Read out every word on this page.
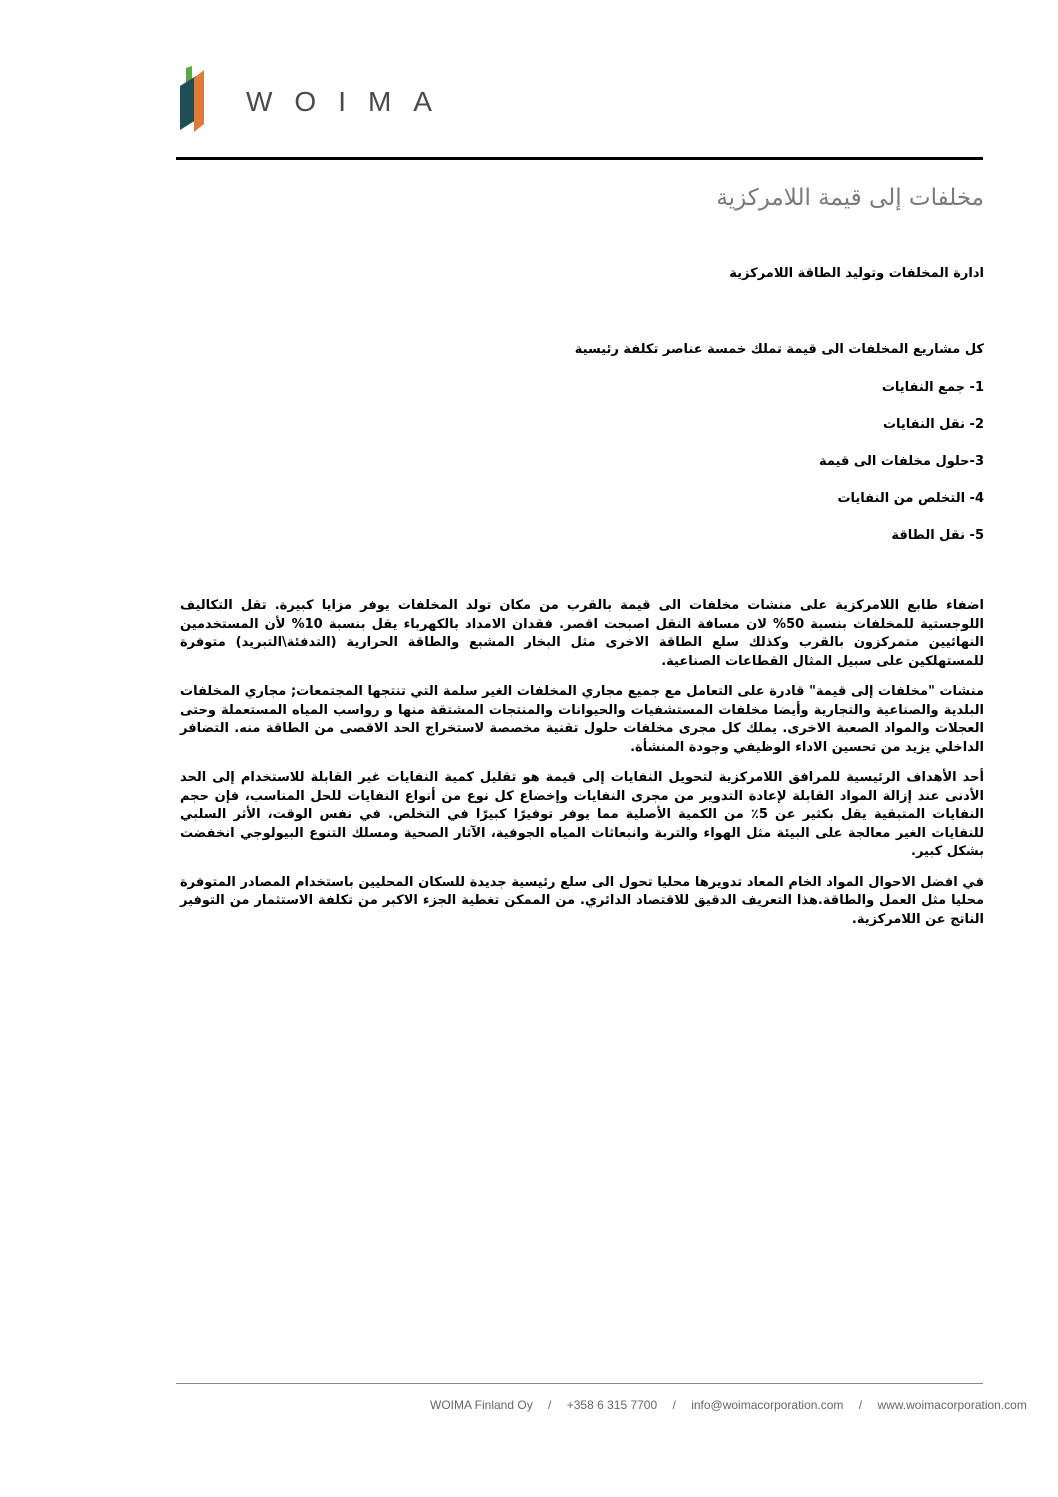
WOIMA
مخلفات إلى قيمة اللامركزية
ادارة المخلفات وتوليد الطاقة اللامركزية
كل مشاريع المخلفات الى قيمة تملك خمسة عناصر تكلفة رئيسية
1- جمع النفايات
2- نقل النفايات
3-حلول مخلفات الى قيمة
4- التخلص من النفايات
5- نقل الطاقة

اضفاء طابع اللامركزية على منشات مخلفات الى قيمة بالقرب من مكان تولد المخلفات يوفر مزايا كبيرة. تقل التكاليف اللوجستية للمخلفات بنسبة 50% لان مسافة النقل اصبحت اقصر. فقدان الامداد بالكهرباء يقل بنسبة 10% لأن المستخدمين النهائيين متمركزون بالقرب وكذلك سلع الطاقة الاخرى مثل البخار المشبع والطاقة الحرارية (التدفئة\التبريد) متوفرة للمستهلكين على سبيل المثال القطاعات الصناعية.

منشات "مخلفات إلى قيمة" قادرة على التعامل مع جميع مجاري المخلفات الغير سلمة التي تنتجها المجتمعات; مجاري المخلفات البلدية والصناعية والتجارية وأيضا مخلفات المستشفيات والحيوانات والمنتجات المشتقة منها و رواسب المياه المستعملة وحتى العجلات والمواد الصعبة الاخرى. يملك كل مجرى مخلفات حلول تقنية مخصصة لاستخراج الحد الاقصى من الطاقة منه. التضافر الداخلي يزيد من تحسين الاداء الوظيفي وجودة المنشأة.

أحد الأهداف الرئيسية للمرافق اللامركزية لتحويل النفايات إلى قيمة هو تقليل كمية النفايات غير القابلة للاستخدام إلى الحد الأدنى عند إزالة المواد القابلة لإعادة التدوير من مجرى النفايات وإخضاع كل نوع من أنواع النفايات للحل المناسب، فإن حجم النفايات المتبقية يقل بكثير عن 5٪ من الكمية الأصلية مما يوفر توفيرًا كبيرًا في التخلص. في نفس الوقت، الأثر السلبي للنفايات الغير معالجة على البيئة مثل الهواء والتربة وانبعاثات المياه الجوفية، الآثار الصحية ومسلك التنوع البيولوجي انخفضت بشكل كبير.

في افضل الاحوال المواد الخام المعاد تدويرها محليا تحول الى سلع رئيسية جديدة للسكان المحليين باستخدام المصادر المتوفرة محليا مثل العمل والطاقة.هذا التعريف الدقيق للاقتصاد الدائري. من الممكن تغطية الجزء الاكبر من تكلفة الاستثمار من التوفير الناتج عن اللامركزية.

WOIMA Finland Oy / +358 6 315 7700 / info@woimacorporation.com / www.woimacorporation.com
